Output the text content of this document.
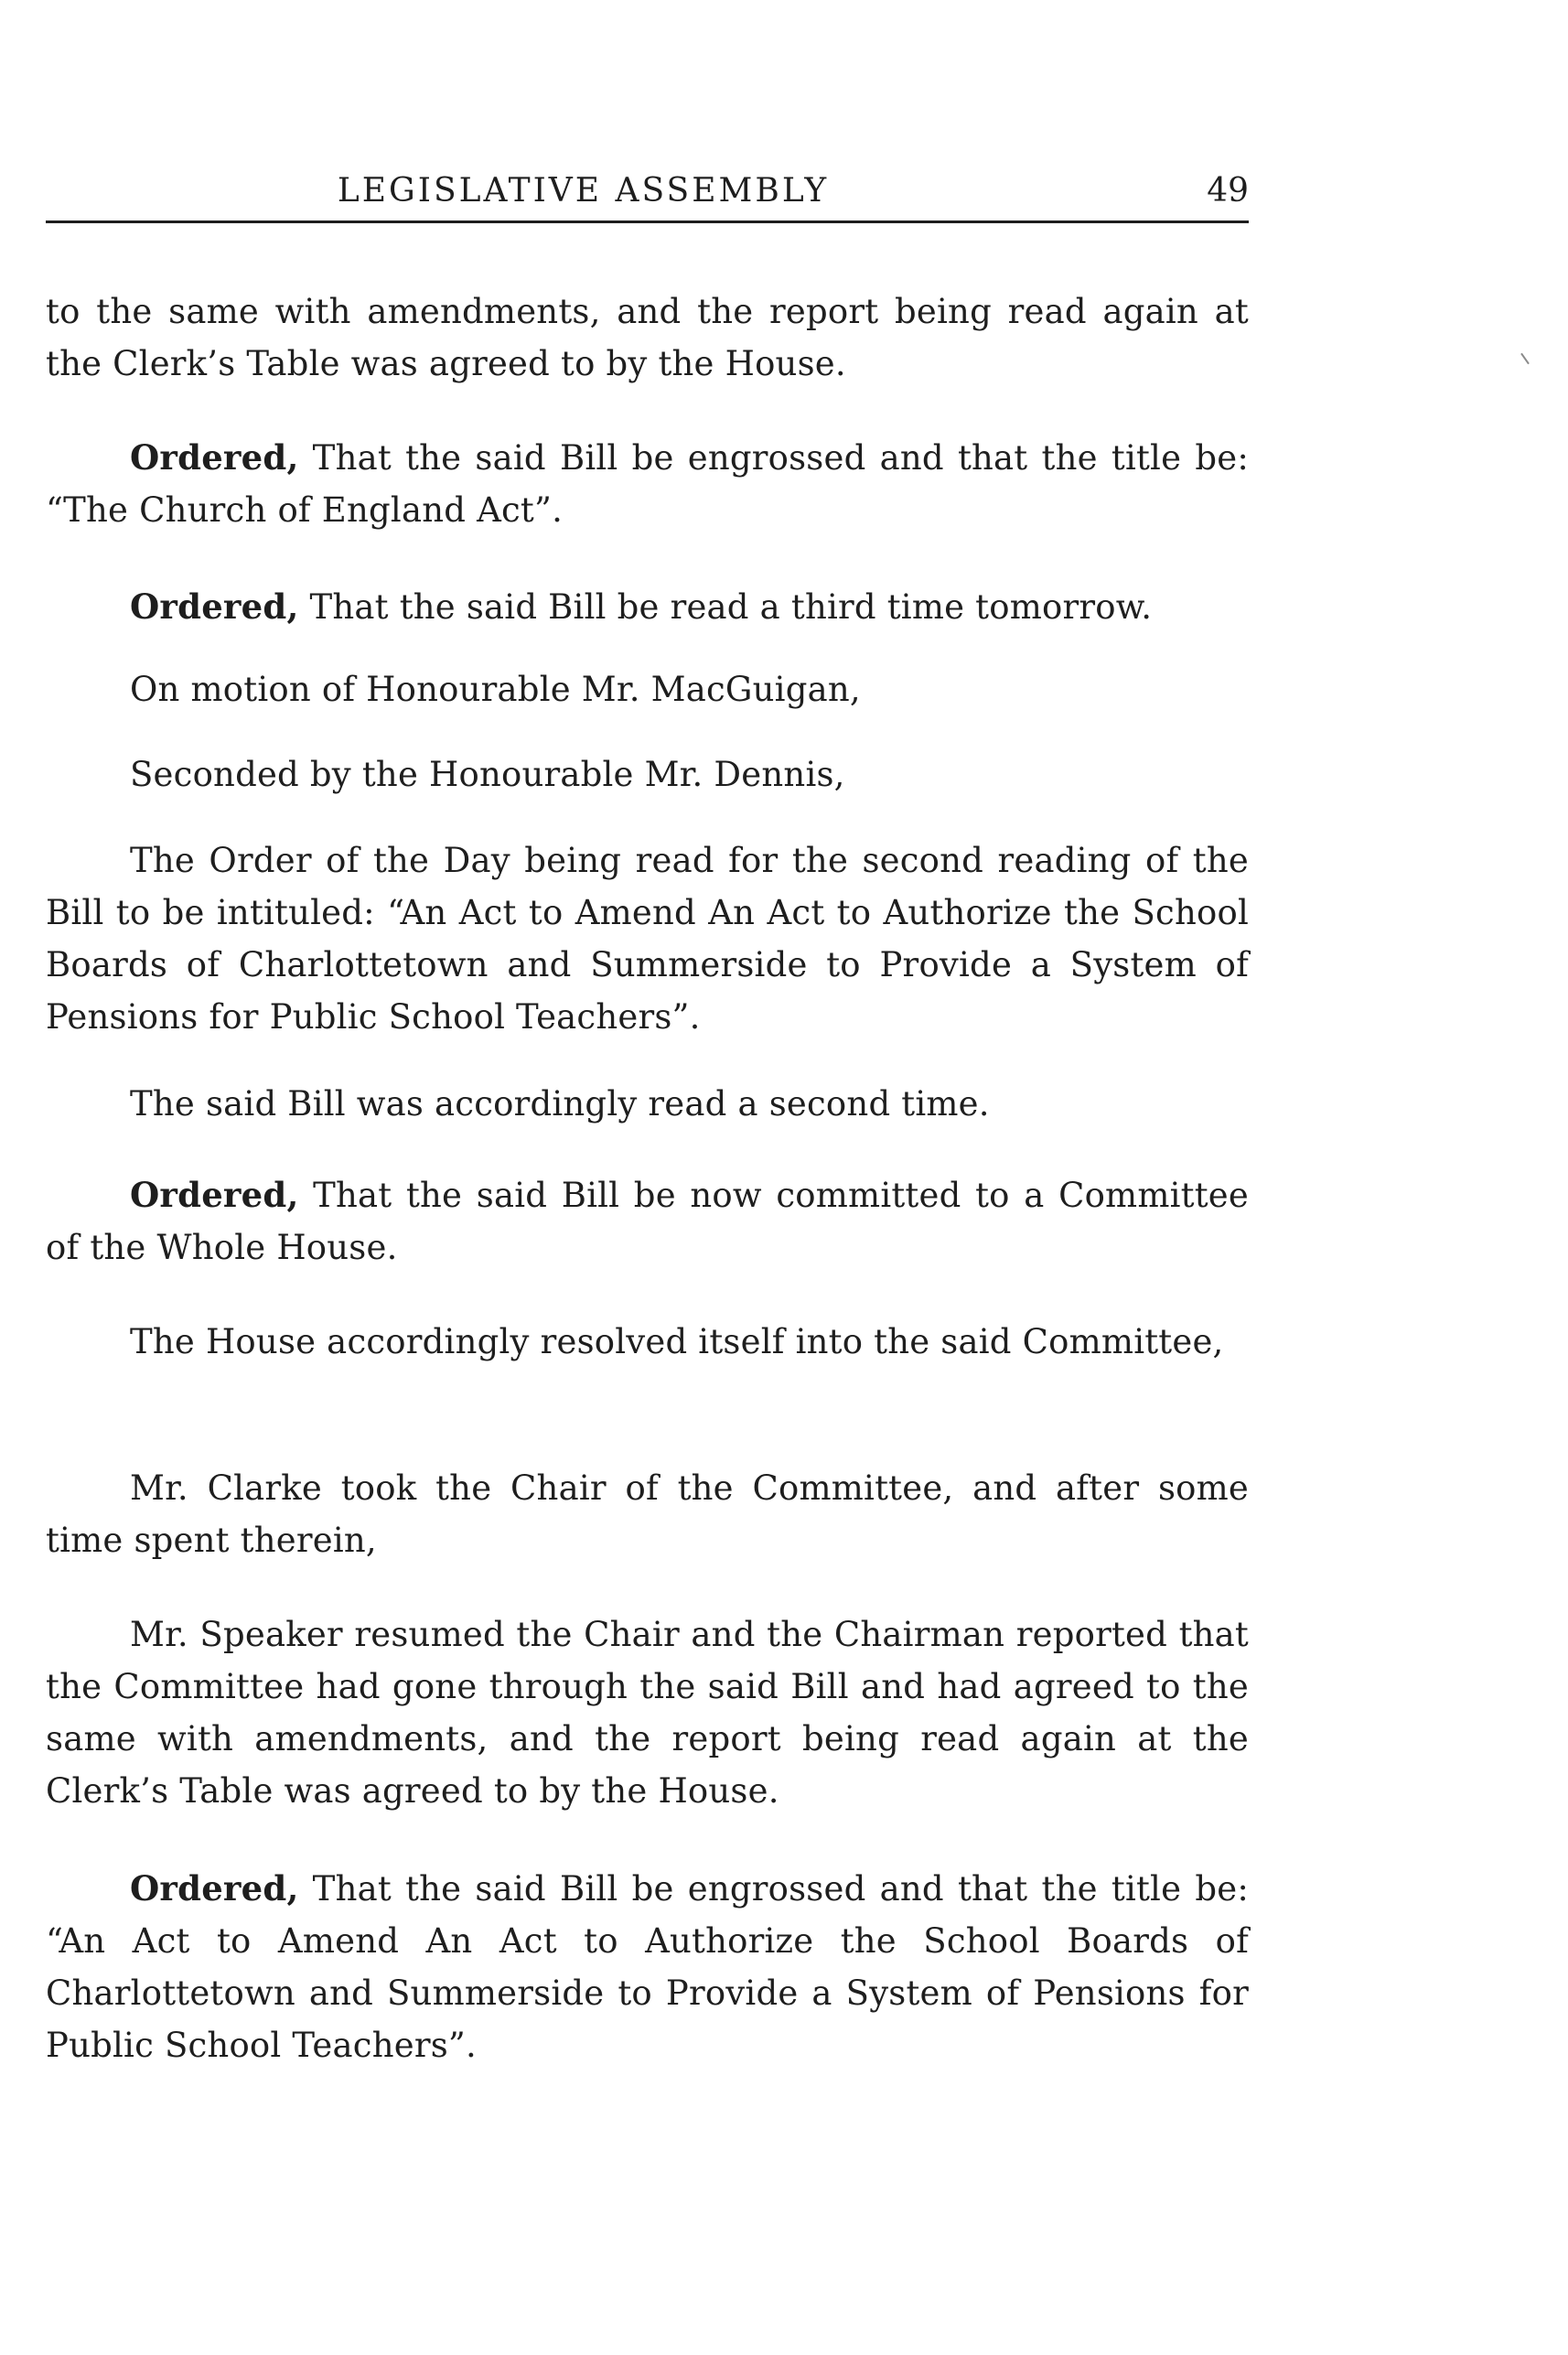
LEGISLATIVE ASSEMBLY	49

to the same with amendments, and the report being read again at the Clerk’s Table was agreed to by the House.

Ordered, That the said Bill be engrossed and that the title be: “The Church of England Act”.

Ordered, That the said Bill be read a third time tomorrow.

On motion of Honourable Mr. MacGuigan,

Seconded by the Honourable Mr. Dennis,

The Order of the Day being read for the second reading of the Bill to be intituled: “An Act to Amend An Act to Authorize the School Boards of Charlottetown and Summerside to Provide a System of Pensions for Public School Teachers”.

The said Bill was accordingly read a second time.

Ordered, That the said Bill be now committed to a Committee of the Whole House.

The House accordingly resolved itself into the said Committee,

Mr. Clarke took the Chair of the Committee, and after some time spent therein,

Mr. Speaker resumed the Chair and the Chairman reported that the Committee had gone through the said Bill and had agreed to the same with amendments, and the report being read again at the Clerk’s Table was agreed to by the House.

Ordered, That the said Bill be engrossed and that the title be: “An Act to Amend An Act to Authorize the School Boards of Charlottetown and Summerside to Provide a System of Pensions for Public School Teachers”.
